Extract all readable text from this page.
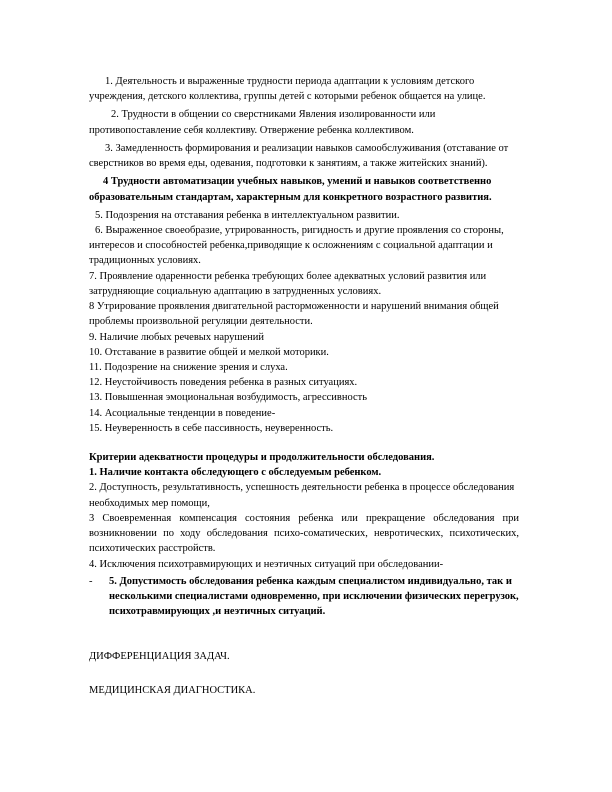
1. Деятельность и выраженные трудности периода адаптации к условиям детского учреждения, детского коллектива, группы детей с которыми ребенок общается на улице.

2. Трудности в общении со сверстниками Явления изолированности или противопоставление себя коллективу. Отвержение ребенка коллективом.

3. Замедленность формирования и реализации навыков самообслуживания (отставание от сверстников во время еды, одевания, подготовки к занятиям, а также житейских знаний).

4 Трудности автоматизации учебных навыков, умений и навыков соответственно образовательным стандартам, характерным для конкретного возрастного развития.

5. Подозрения на отставания ребенка в интеллектуальном развитии.

6. Выраженное своеобразие, утрированность, ригидность и другие проявления со стороны, интересов и способностей ребенка,приводящие к осложнениям с социальной адаптации и традиционных условиях.

7. Проявление одаренности ребенка требующих более адекватных условий развития или затрудняющие социальную адаптацию в затрудненных условиях.

8 Утрирование проявления двигательной расторможенности и нарушений внимания общей проблемы произвольной регуляции деятельности.

9. Наличие любых речевых нарушений

10. Отставание в развитие общей и мелкой моторики.

11. Подозрение на снижение зрения и слуха.

12. Неустойчивость поведения ребенка в разных ситуациях.

13. Повышенная эмоциональная возбудимость, агрессивность

14. Асоциальные тенденции в поведение-

15. Неуверенность в себе пассивность, неуверенность.

Критерии адекватности процедуры и продолжительности обследования.

1. Наличие контакта обследующего с обследуемым ребенком.

2. Доступность, результативность, успешность деятельности ребенка в процессе обследования необходимых мер помощи,

3 Своевременная компенсация состояния ребенка или прекращение обследования при возникновении по ходу обследования психо-соматических, невротических, психотических, психотических расстройств.

4. Исключения психотравмирующих и неэтичных ситуаций при обследовании-

-	5. Допустимость обследования ребенка каждым специалистом индивидуально, так и несколькими специалистами одновременно, при исключении физических перегрузок, психотравмирующих ,и неэтичных ситуаций.

ДИФФЕРЕНЦИАЦИЯ ЗАДАЧ.

МЕДИЦИНСКАЯ ДИАГНОСТИКА.
